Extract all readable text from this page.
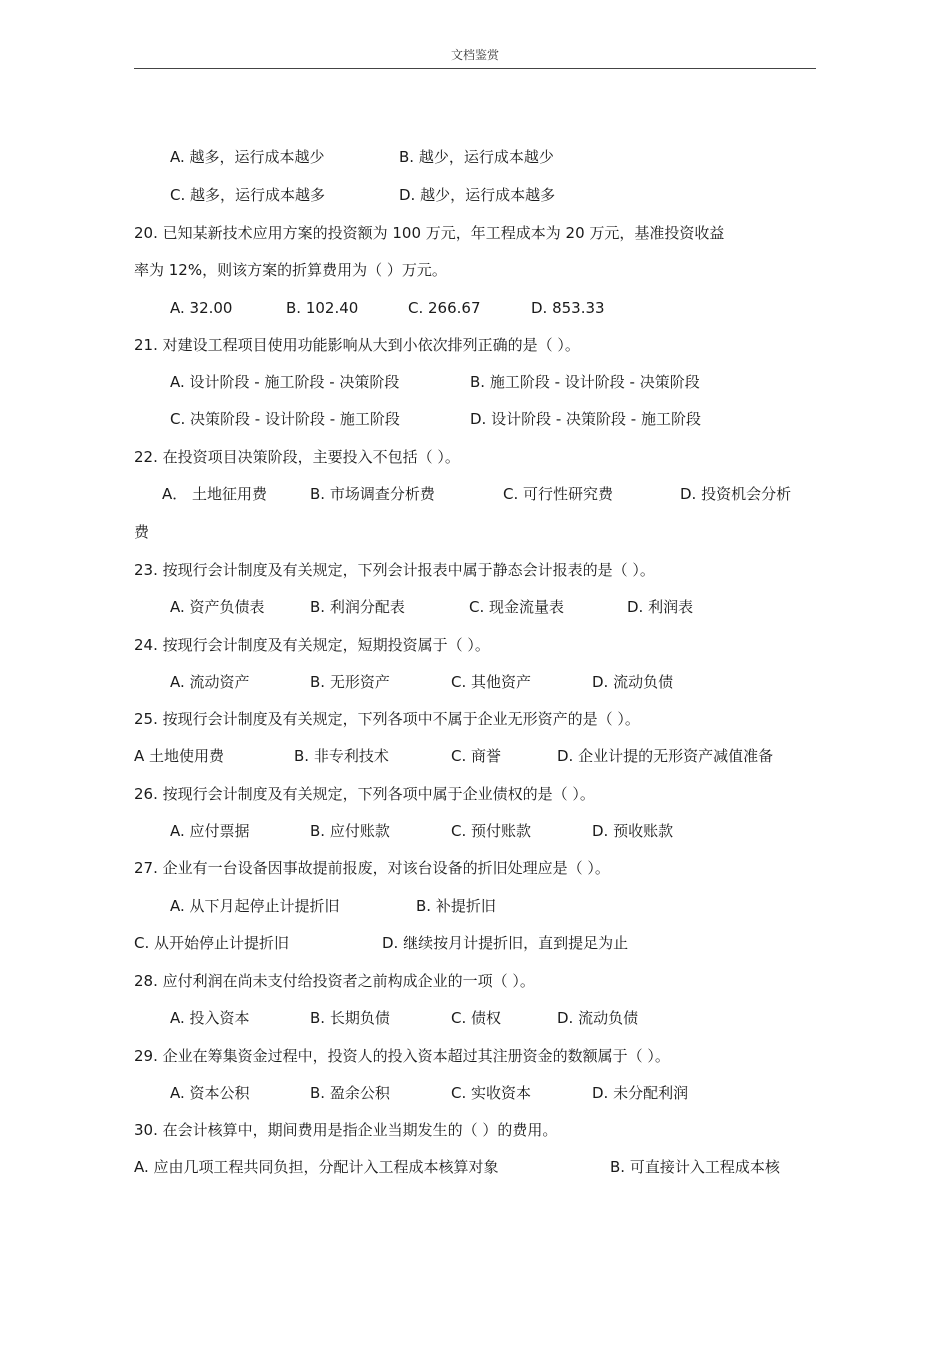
文档鉴赏
A. 越多，运行成本越少	B. 越少，运行成本越少
C. 越多，运行成本越多	D. 越少，运行成本越多
20. 已知某新技术应用方案的投资额为 100 万元，年工程成本为 20 万元，基准投资收益
率为 12%，则该方案的折算费用为（ ）万元。
A. 32.00	B. 102.40	C. 266.67	D. 853.33
21. 对建设工程项目使用功能影响从大到小依次排列正确的是（ ）。
A. 设计阶段 - 施工阶段 - 决策阶段	B. 施工阶段 - 设计阶段 - 决策阶段
C. 决策阶段 - 设计阶段 - 施工阶段	D. 设计阶段 - 决策阶段 - 施工阶段
22. 在投资项目决策阶段，主要投入不包括（ ）。
A． 土地征用费	B. 市场调查分析费	C. 可行性研究费	D. 投资机会分析
费
23. 按现行会计制度及有关规定，下列会计报表中属于静态会计报表的是（ ）。
A. 资产负债表	B. 利润分配表	C. 现金流量表	D. 利润表
24. 按现行会计制度及有关规定，短期投资属于（ ）。
A. 流动资产	B. 无形资产	C. 其他资产	D. 流动负债
25. 按现行会计制度及有关规定，下列各项中不属于企业无形资产的是（ ）。
A 土地使用费	B. 非专利技术	C. 商誉	D. 企业计提的无形资产减值准备
26. 按现行会计制度及有关规定，下列各项中属于企业债权的是（ ）。
A. 应付票据	B. 应付账款	C. 预付账款	D. 预收账款
27. 企业有一台设备因事故提前报废，对该台设备的折旧处理应是（ ）。
A. 从下月起停止计提折旧	B. 补提折旧
C. 从开始停止计提折旧	D. 继续按月计提折旧，直到提足为止
28. 应付利润在尚未支付给投资者之前构成企业的一项（ ）。
A. 投入资本	B. 长期负债	C. 债权	D. 流动负债
29. 企业在筹集资金过程中，投资人的投入资本超过其注册资金的数额属于（ ）。
A. 资本公积	B. 盈余公积	C. 实收资本	D. 未分配利润
30. 在会计核算中，期间费用是指企业当期发生的（ ）的费用。
A. 应由几项工程共同负担，分配计入工程成本核算对象	B. 可直接计入工程成本核
